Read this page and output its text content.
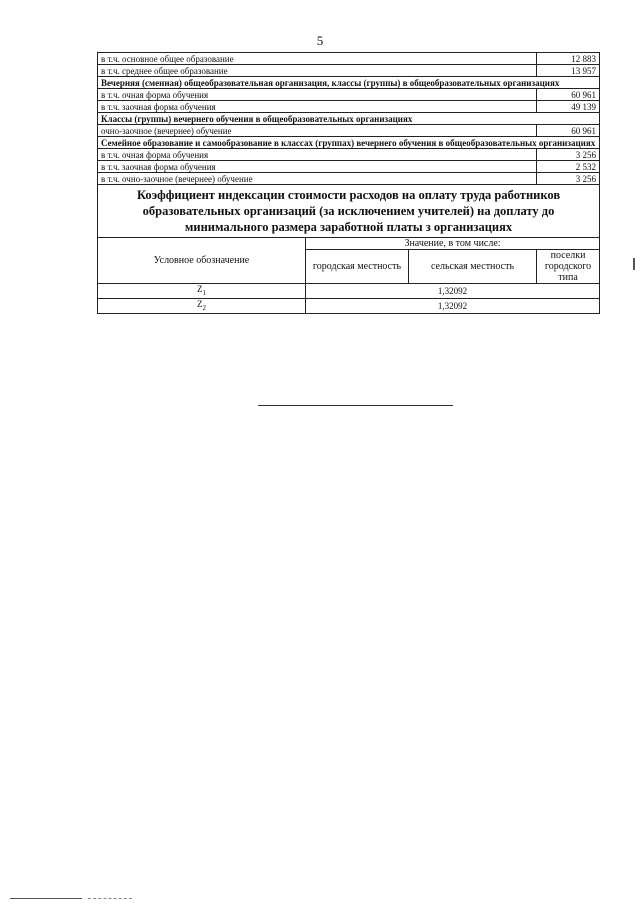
5
в т.ч. основное общее образование			12 883
в т.ч. среднее общее образование			13 957
Вечерняя (сменная) общеобразовательная организация, классы (группы) в общеобразовательных организациях			
в т.ч. очная форма обучения			60 961
в т.ч. заочная форма обучения			49 139
Классы (группы) вечернего обучения в общеобразовательных организациях			
очно-заочное (вечернее) обучение			60 961
Семейное образование и самообразование в классах (группах) вечернего обучения в общеобразовательных организациях			
в т.ч. очная форма обучения			3 256
в т.ч. заочная форма обучения			2 532
в т.ч. очно-заочное (вечернее) обучение			3 256
Коэффициент индексации стоимости расходов на оплату труда работников образовательных организаций (за исключением учителей) на доплату до минимального размера заработной платы з организациях			
Условное обозначение	Значение, в том числе:		
	городская местность	сельская местность	поселки городского типа
$Z_1$	1,32092		
$Z_2$	1,32092		
